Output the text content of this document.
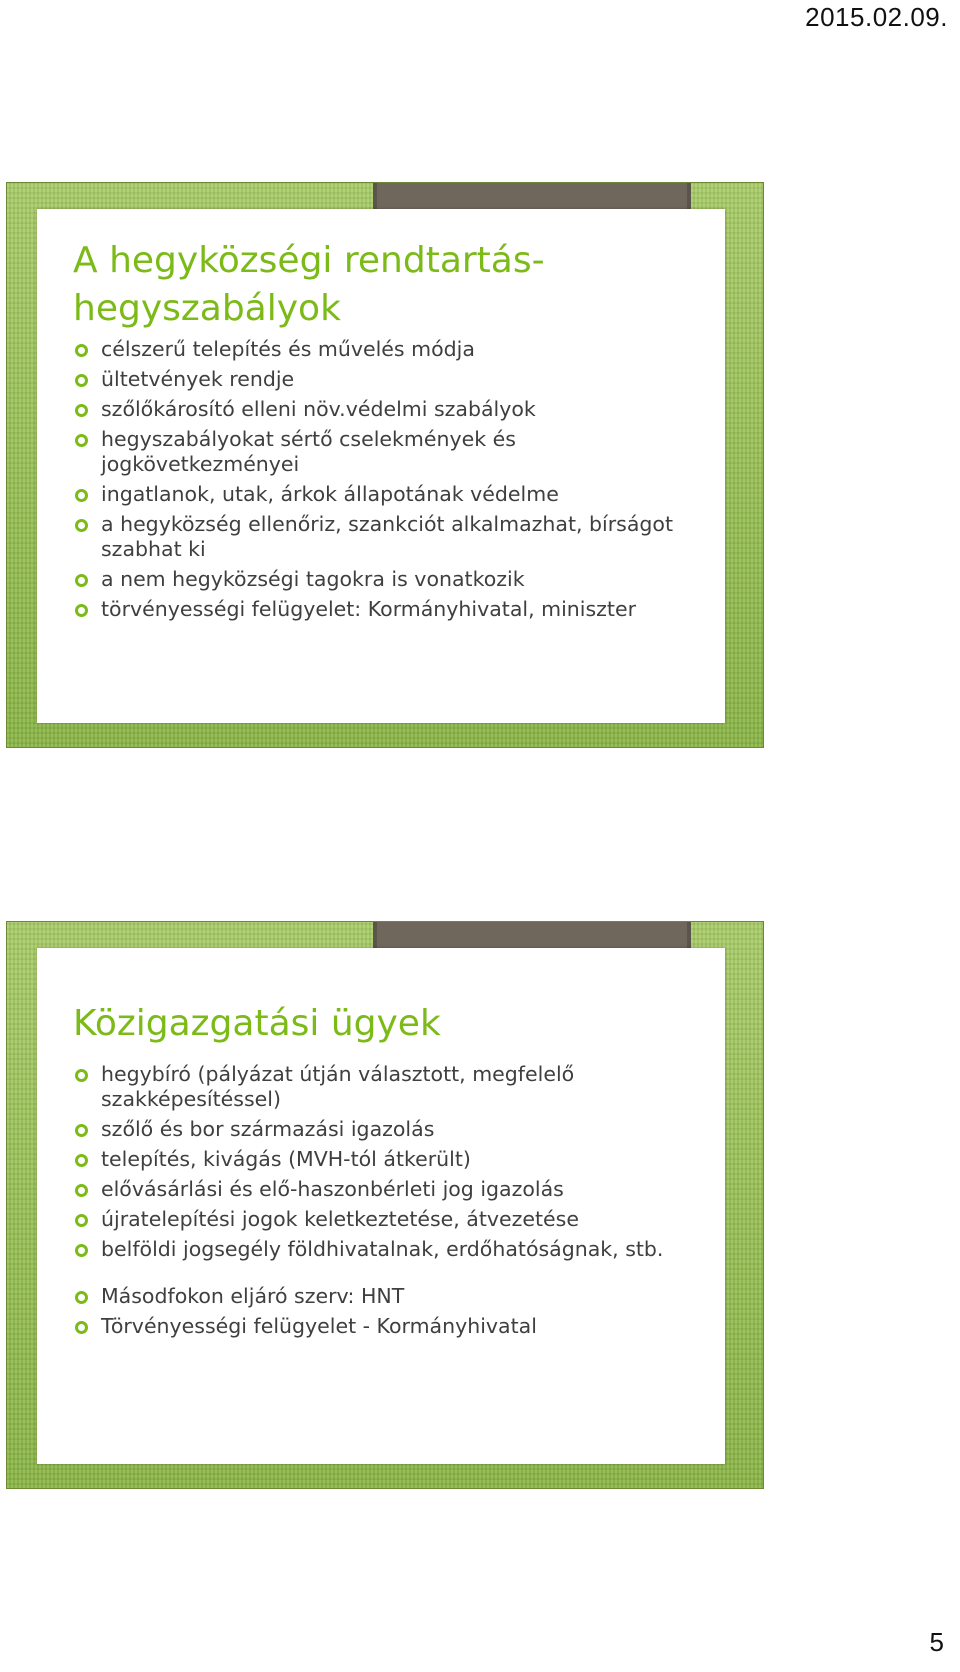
2015.02.09.
A hegyközségi rendtartás-hegyszabályok
célszerű telepítés és művelés módja
ültetvények rendje
szőlőkárosító elleni növ.védelmi szabályok
hegyszabályokat sértő cselekmények és jogkövetkezményei
ingatlanok, utak, árkok állapotának védelme
a hegyközség ellenőriz, szankciót alkalmazhat, bírságot szabhat ki
a nem hegyközségi tagokra is vonatkozik
törvényességi felügyelet: Kormányhivatal, miniszter
Közigazgatási ügyek
hegybíró (pályázat útján választott, megfelelő szakképesítéssel)
szőlő és bor származási igazolás
telepítés, kivágás (MVH-tól átkerült)
elővásárlási és elő-haszonbérleti jog igazolás
újratelepítési jogok keletkeztetése, átvezetése
belföldi jogsegély földhivatalnak, erdőhatóságnak, stb.
Másodfokon eljáró szerv: HNT
Törvényességi felügyelet - Kormányhivatal
5
